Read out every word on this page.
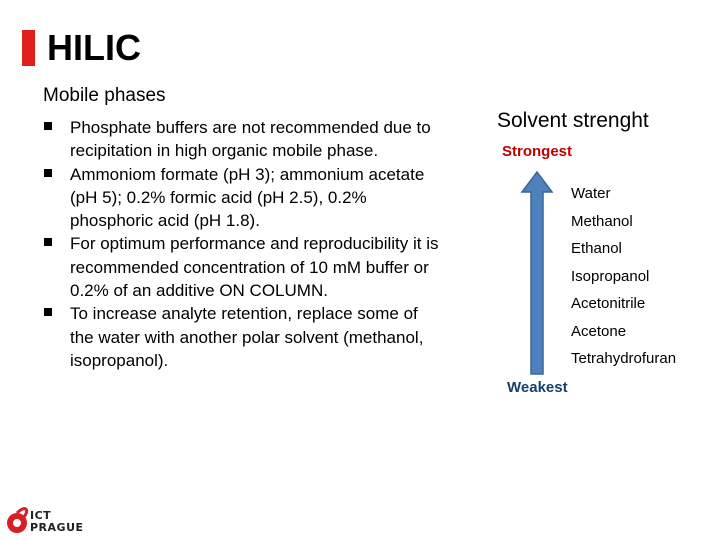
HILIC
Mobile phases
Phosphate buffers are not recommended due to recipitation in high organic mobile phase.
Ammoniom formate (pH 3); ammonium acetate (pH 5); 0.2% formic acid (pH 2.5), 0.2% phosphoric acid (pH 1.8).
For optimum performance and reproducibility it is recommended concentration of 10 mM buffer or 0.2% of an additive ON COLUMN.
To increase analyte retention, replace some of the water with another polar solvent (methanol, isopropanol).
Solvent strenght
Strongest
Water
Methanol
Ethanol
Isopropanol
Acetonitrile
Acetone
Tetrahydrofuran
Weakest
ICT
PRAGUE
